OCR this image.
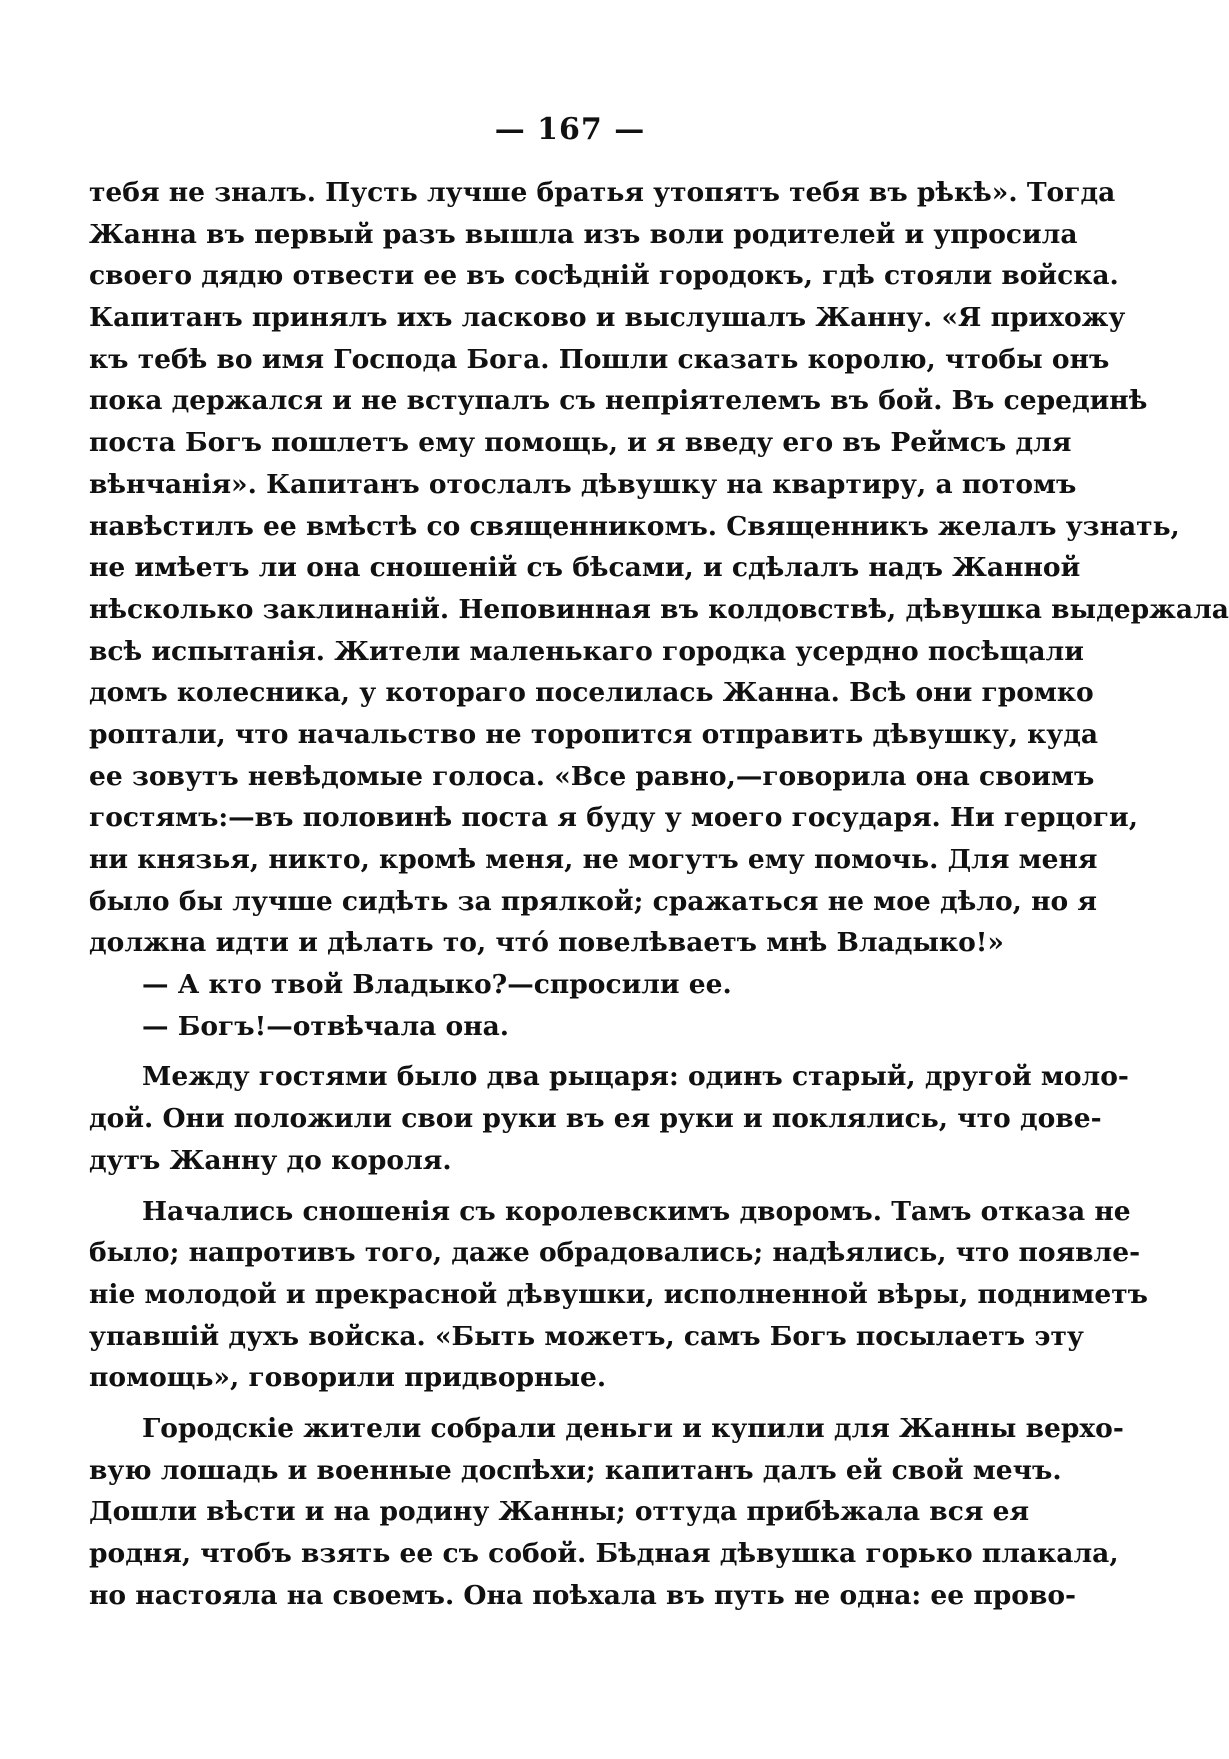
— 167 —
тебя не зналъ. Пусть лучше братья утопятъ тебя въ рѣкѣ». Тогда
Жанна въ первый разъ вышла изъ воли родителей и упросила
своего дядю отвести ее въ сосѣднiй городокъ, гдѣ стояли войска.
Капитанъ принялъ ихъ ласково и выслушалъ Жанну. «Я прихожу
къ тебѣ во имя Господа Бога. Пошли сказать королю, чтобы онъ
пока держался и не вступалъ съ непрiятелемъ въ бой. Въ серединѣ
поста Богъ пошлетъ ему помощь, и я введу его въ Реймсъ для
вѣнчанiя». Капитанъ отослалъ дѣвушку на квартиру, а потомъ
навѣстилъ ее вмѣстѣ со священникомъ. Священникъ желалъ узнать,
не имѣетъ ли она сношенiй съ бѣсами, и сдѣлалъ надъ Жанной
нѣсколько заклинанiй. Неповинная въ колдовствѣ, дѣвушка выдержала
всѣ испытанiя. Жители маленькаго городка усердно посѣщали
домъ колесника, у котораго поселилась Жанна. Всѣ они громко
роптали, что начальство не торопится отправить дѣвушку, куда
ее зовутъ невѣдомые голоса. «Все равно,—говорила она своимъ
гостямъ:—въ половинѣ поста я буду у моего государя. Ни герцоги,
ни князья, никто, кромѣ меня, не могутъ ему помочь. Для меня
было бы лучше сидѣть за прялкой; сражаться не мое дѣло, но я
должна идти и дѣлать то, чтó повелѣваетъ мнѣ Владыко!»
— А кто твой Владыко?—спросили ее.
— Богъ!—отвѣчала она.
Между гостями было два рыцаря: одинъ старый, другой моло-
дой. Они положили свои руки въ ея руки и поклялись, что дове-
дутъ Жанну до короля.
Начались сношенiя съ королевскимъ дворомъ. Тамъ отказа не
было; напротивъ того, даже обрадовались; надѣялись, что появле-
нiе молодой и прекрасной дѣвушки, исполненной вѣры, подниметъ
упавшiй духъ войска. «Быть можетъ, самъ Богъ посылаетъ эту
помощь», говорили придворные.
Городскiе жители собрали деньги и купили для Жанны верхо-
вую лошадь и военные доспѣхи; капитанъ далъ ей свой мечъ.
Дошли вѣсти и на родину Жанны; оттуда прибѣжала вся ея
родня, чтобъ взять ее съ собой. Бѣдная дѣвушка горько плакала,
но настояла на своемъ. Она поѣхала въ путь не одна: ее прово-
